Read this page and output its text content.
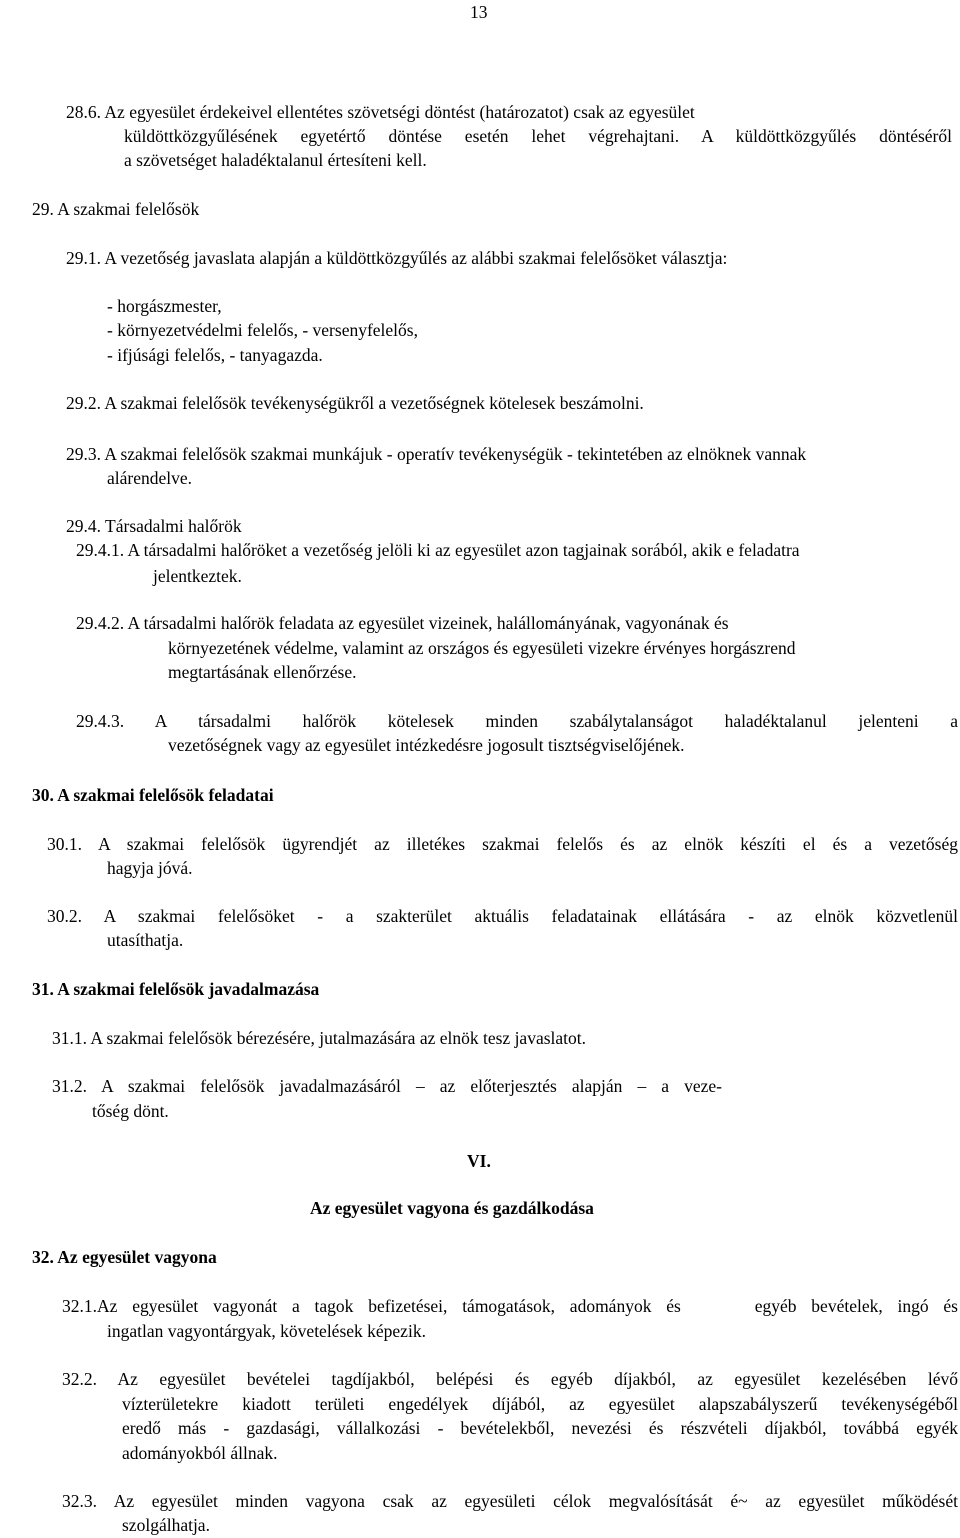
13
28.6. Az egyesület érdekeivel ellentétes szövetségi döntést (határozatot) csak az egyesület
küldöttközgyűlésének egyetértő döntése esetén lehet végrehajtani. A küldöttközgyűlés döntéséről
a szövetséget haladéktalanul értesíteni kell.
29. A szakmai felelősök
29.1. A vezetőség javaslata alapján a küldöttközgyűlés az alábbi szakmai felelősöket választja:
- horgászmester,
- környezetvédelmi felelős, - versenyfelelős,
- ifjúsági felelős, - tanyagazda.
29.2. A szakmai felelősök tevékenységükről a vezetőségnek kötelesek beszámolni.
29.3. A szakmai felelősök szakmai munkájuk - operatív tevékenységük - tekintetében az elnöknek vannak
alárendelve.
29.4. Társadalmi halőrök
29.4.1. A társadalmi halőröket a vezetőség jelöli ki az egyesület azon tagjainak sorából, akik e feladatra
jelentkeztek.
29.4.2. A társadalmi halőrök feladata az egyesület vizeinek, halállományának, vagyonának és
környezetének védelme, valamint az országos és egyesületi vizekre érvényes horgászrend
megtartásának ellenőrzése.
29.4.3. A társadalmi halőrök kötelesek minden szabálytalanságot haladéktalanul jelenteni a
vezetőségnek vagy az egyesület intézkedésre jogosult tisztségviselőjének.
30. A szakmai felelősök feladatai
30.1. A szakmai felelősök ügyrendjét az illetékes szakmai felelős és az elnök készíti el és a vezetőség
hagyja jóvá.
30.2. A szakmai felelősöket - a szakterület aktuális feladatainak ellátására - az elnök közvetlenül
utasíthatja.
31. A szakmai felelősök javadalmazása
31.1. A szakmai felelősök bérezésére, jutalmazására az elnök tesz javaslatot.
31.2. A szakmai felelősök javadalmazásáról – az előterjesztés alapján – a veze-
tőség dönt.
VI.
Az egyesület vagyona és gazdálkodása
32. Az egyesület vagyona
32.1.Az egyesület vagyonát a tagok befizetései, támogatások, adományok és     egyéb bevételek, ingó és
ingatlan vagyontárgyak, követelések képezik.
32.2. Az egyesület bevételei tagdíjakból, belépési és egyéb díjakból, az egyesület kezelésében lévő
vízterületekre kiadott területi engedélyek díjából, az egyesület alapszabályszerű tevékenységéből
eredő más - gazdasági, vállalkozási - bevételekből, nevezési és részvételi díjakból, továbbá egyék
adományokból állnak.
32.3. Az egyesület minden vagyona csak az egyesületi célok megvalósítását é~ az egyesület működését
szolgálhatja.
